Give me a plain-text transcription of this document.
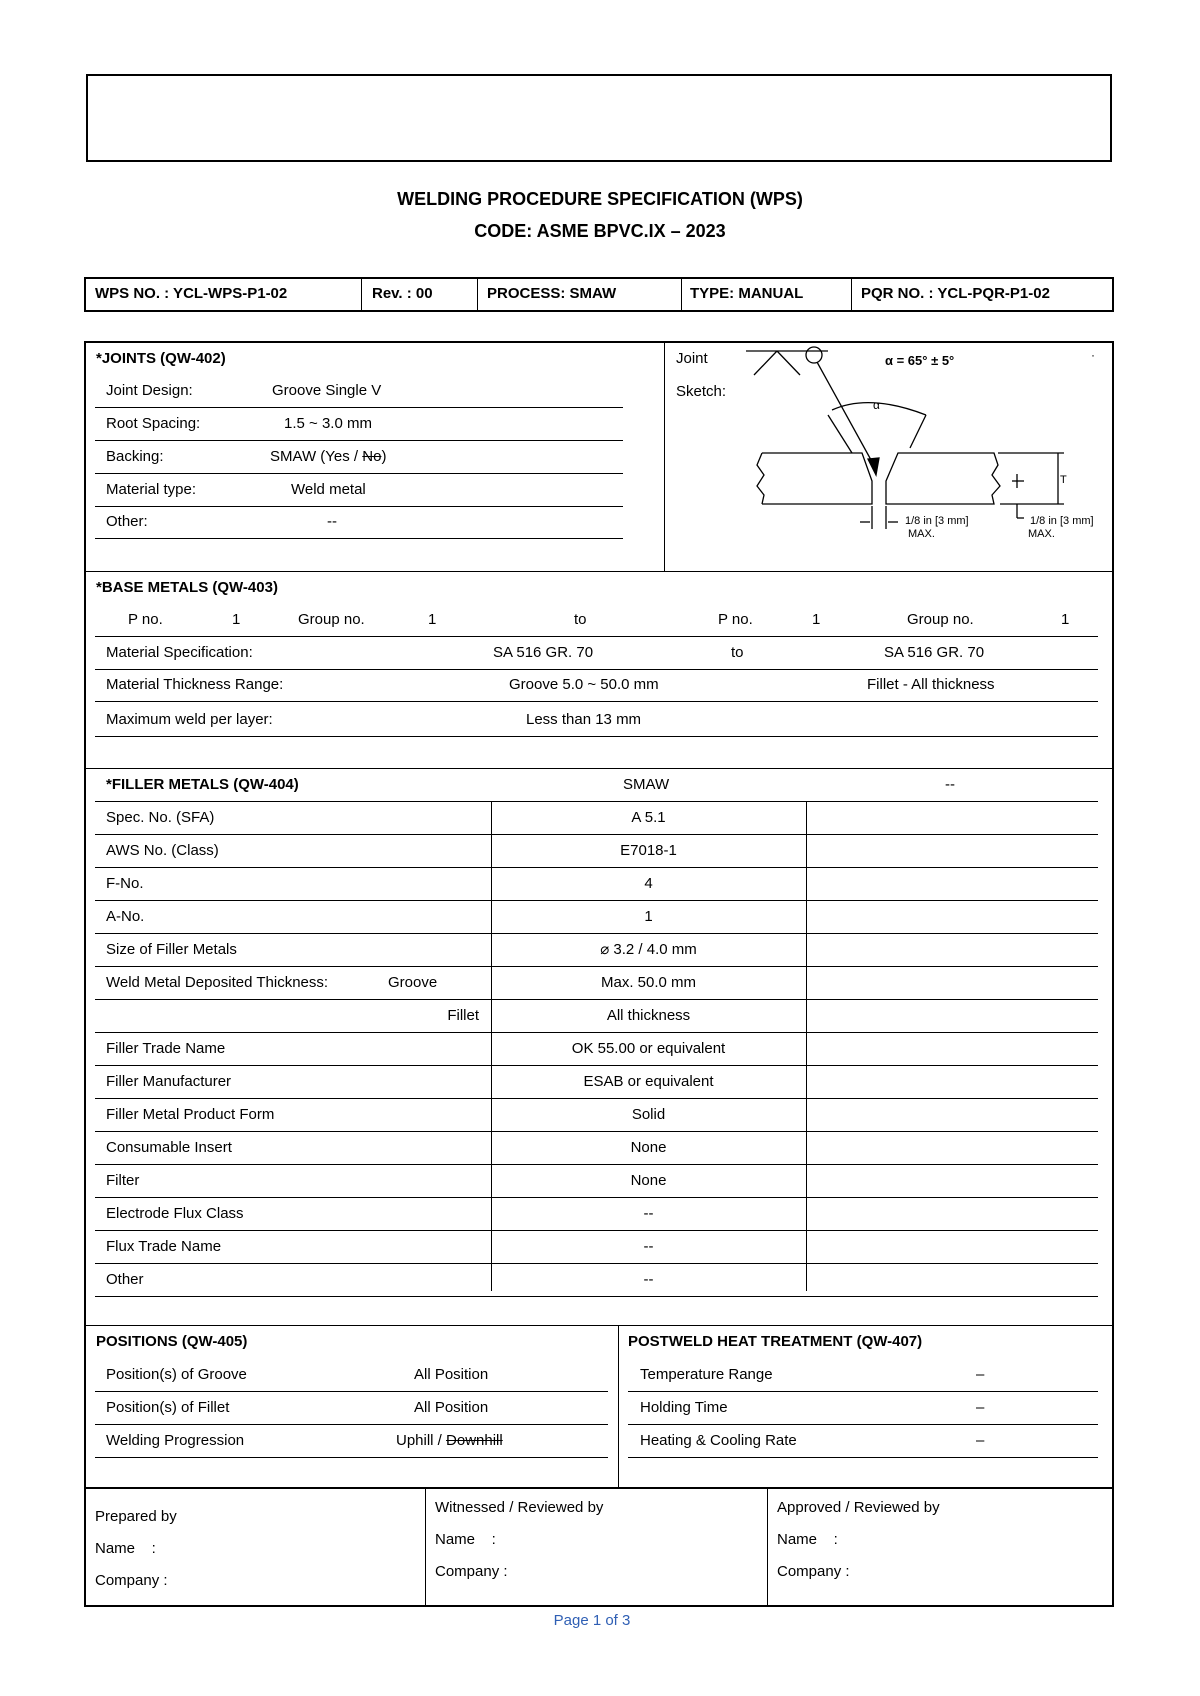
WELDING PROCEDURE SPECIFICATION (WPS)
CODE: ASME BPVC.IX – 2023
WPS NO. : YCL-WPS-P1-02	Rev. : 00	PROCESS: SMAW	TYPE: MANUAL	PQR NO. : YCL-PQR-P1-02
*JOINTS (QW-402)
Joint Design:	Groove Single V
Root Spacing:	1.5 ~ 3.0 mm
Backing:	SMAW (Yes / No)
Material type:	Weld metal
Other:	--
Joint
Sketch:
α = 65° ± 5°	·
α
T
1/8 in [3 mm]
MAX.
1/8 in [3 mm]
MAX.
*BASE METALS (QW-403)
P no.	1	Group no.	1	to	P no.	1	Group no.	1
Material Specification:	SA 516 GR. 70	to	SA 516 GR. 70
Material Thickness Range:	Groove 5.0 ~ 50.0 mm	Fillet - All thickness
Maximum weld per layer:	Less than 13 mm
*FILLER METALS (QW-404)	SMAW	--
Spec. No. (SFA)	A 5.1
AWS No. (Class)	E7018-1
F-No.	4
A-No.	1
Size of Filler Metals	⌀ 3.2 / 4.0 mm
Weld Metal Deposited Thickness:	Groove	Max. 50.0 mm
Fillet	All thickness
Filler Trade Name	OK 55.00 or equivalent
Filler Manufacturer	ESAB or equivalent
Filler Metal Product Form	Solid
Consumable Insert	None
Filter	None
Electrode Flux Class	--
Flux Trade Name	--
Other	--
POSITIONS (QW-405)	POSTWELD HEAT TREATMENT (QW-407)
Position(s) of Groove	All Position
Position(s) of Fillet	All Position
Welding Progression	Uphill / Downhill
Temperature Range	–
Holding Time	–
Heating & Cooling Rate	–
Prepared by
Name    :
Company :
Witnessed / Reviewed by
Name    :
Company :
Approved / Reviewed by
Name    :
Company :
Page 1 of 3
